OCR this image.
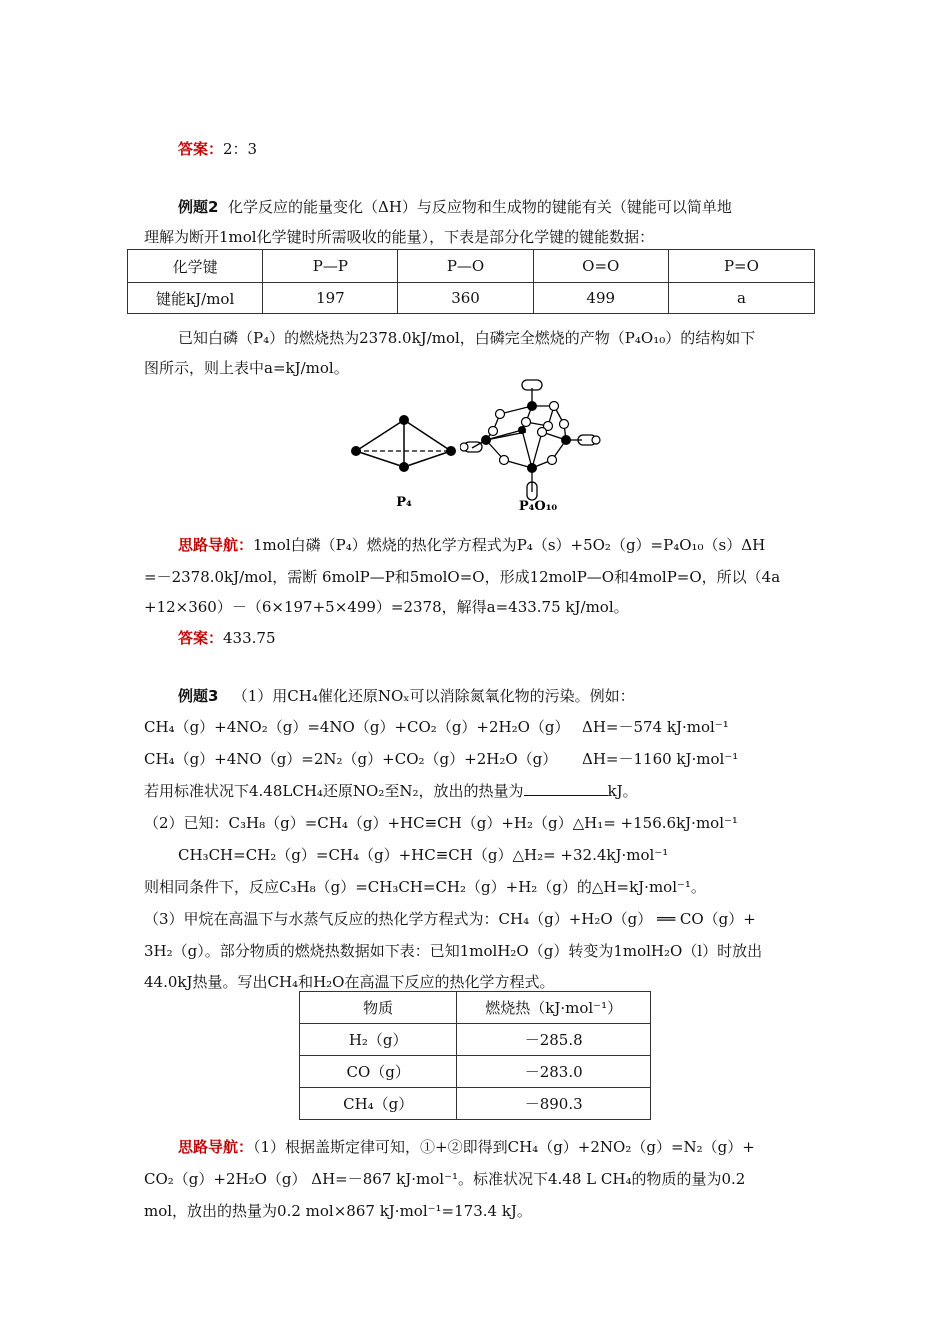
答案：2：3
例题2 化学反应的能量变化（ΔH）与反应物和生成物的键能有关（键能可以简单地
理解为断开1mol化学键时所需吸收的能量），下表是部分化学键的键能数据：
化学键	P—P	P—O	O=O	P=O
键能kJ/mol	197	360	499	a
已知白磷（P₄）的燃烧热为2378.0kJ/mol，白磷完全燃烧的产物（P₄O₁₀）的结构如下
图所示，则上表中a=kJ/mol。
P₄	P₄O₁₀
思路导航：1mol白磷（P₄）燃烧的热化学方程式为P₄（s）+5O₂（g）=P₄O₁₀（s）ΔH
=－2378.0kJ/mol，需断 6molP—P和5molO=O，形成12molP—O和4molP=O，所以（4a
+12×360）－（6×197+5×499）=2378，解得a=433.75 kJ/mol。
答案：433.75
例题3 （1）用CH₄催化还原NOₓ可以消除氮氧化物的污染。例如：
CH₄（g）+4NO₂（g）=4NO（g）+CO₂（g）+2H₂O（g） ΔH=－574 kJ·mol⁻¹
CH₄（g）+4NO（g）=2N₂（g）+CO₂（g）+2H₂O（g） ΔH=－1160 kJ·mol⁻¹
若用标准状况下4.48LCH₄还原NO₂至N₂，放出的热量为	kJ。
（2）已知：C₃H₈（g）=CH₄（g）+HC≡CH（g）+H₂（g）△H₁= +156.6kJ·mol⁻¹
CH₃CH=CH₂（g）=CH₄（g）+HC≡CH（g）△H₂= +32.4kJ·mol⁻¹
则相同条件下，反应C₃H₈（g）=CH₃CH=CH₂（g）+H₂（g）的△H=kJ·mol⁻¹。
（3）甲烷在高温下与水蒸气反应的热化学方程式为：CH₄（g）+H₂O（g） ══ CO（g）+
3H₂（g）。部分物质的燃烧热数据如下表：已知1molH₂O（g）转变为1molH₂O（l）时放出
44.0kJ热量。写出CH₄和H₂O在高温下反应的热化学方程式。
物质	燃烧热（kJ·mol⁻¹）
H₂（g）	－285.8
CO（g）	－283.0
CH₄（g）	－890.3
思路导航：（1）根据盖斯定律可知，①+②即得到CH₄（g）+2NO₂（g）=N₂（g）+
CO₂（g）+2H₂O（g） ΔH=－867 kJ·mol⁻¹。标准状况下4.48 L CH₄的物质的量为0.2
mol，放出的热量为0.2 mol×867 kJ·mol⁻¹=173.4 kJ。
